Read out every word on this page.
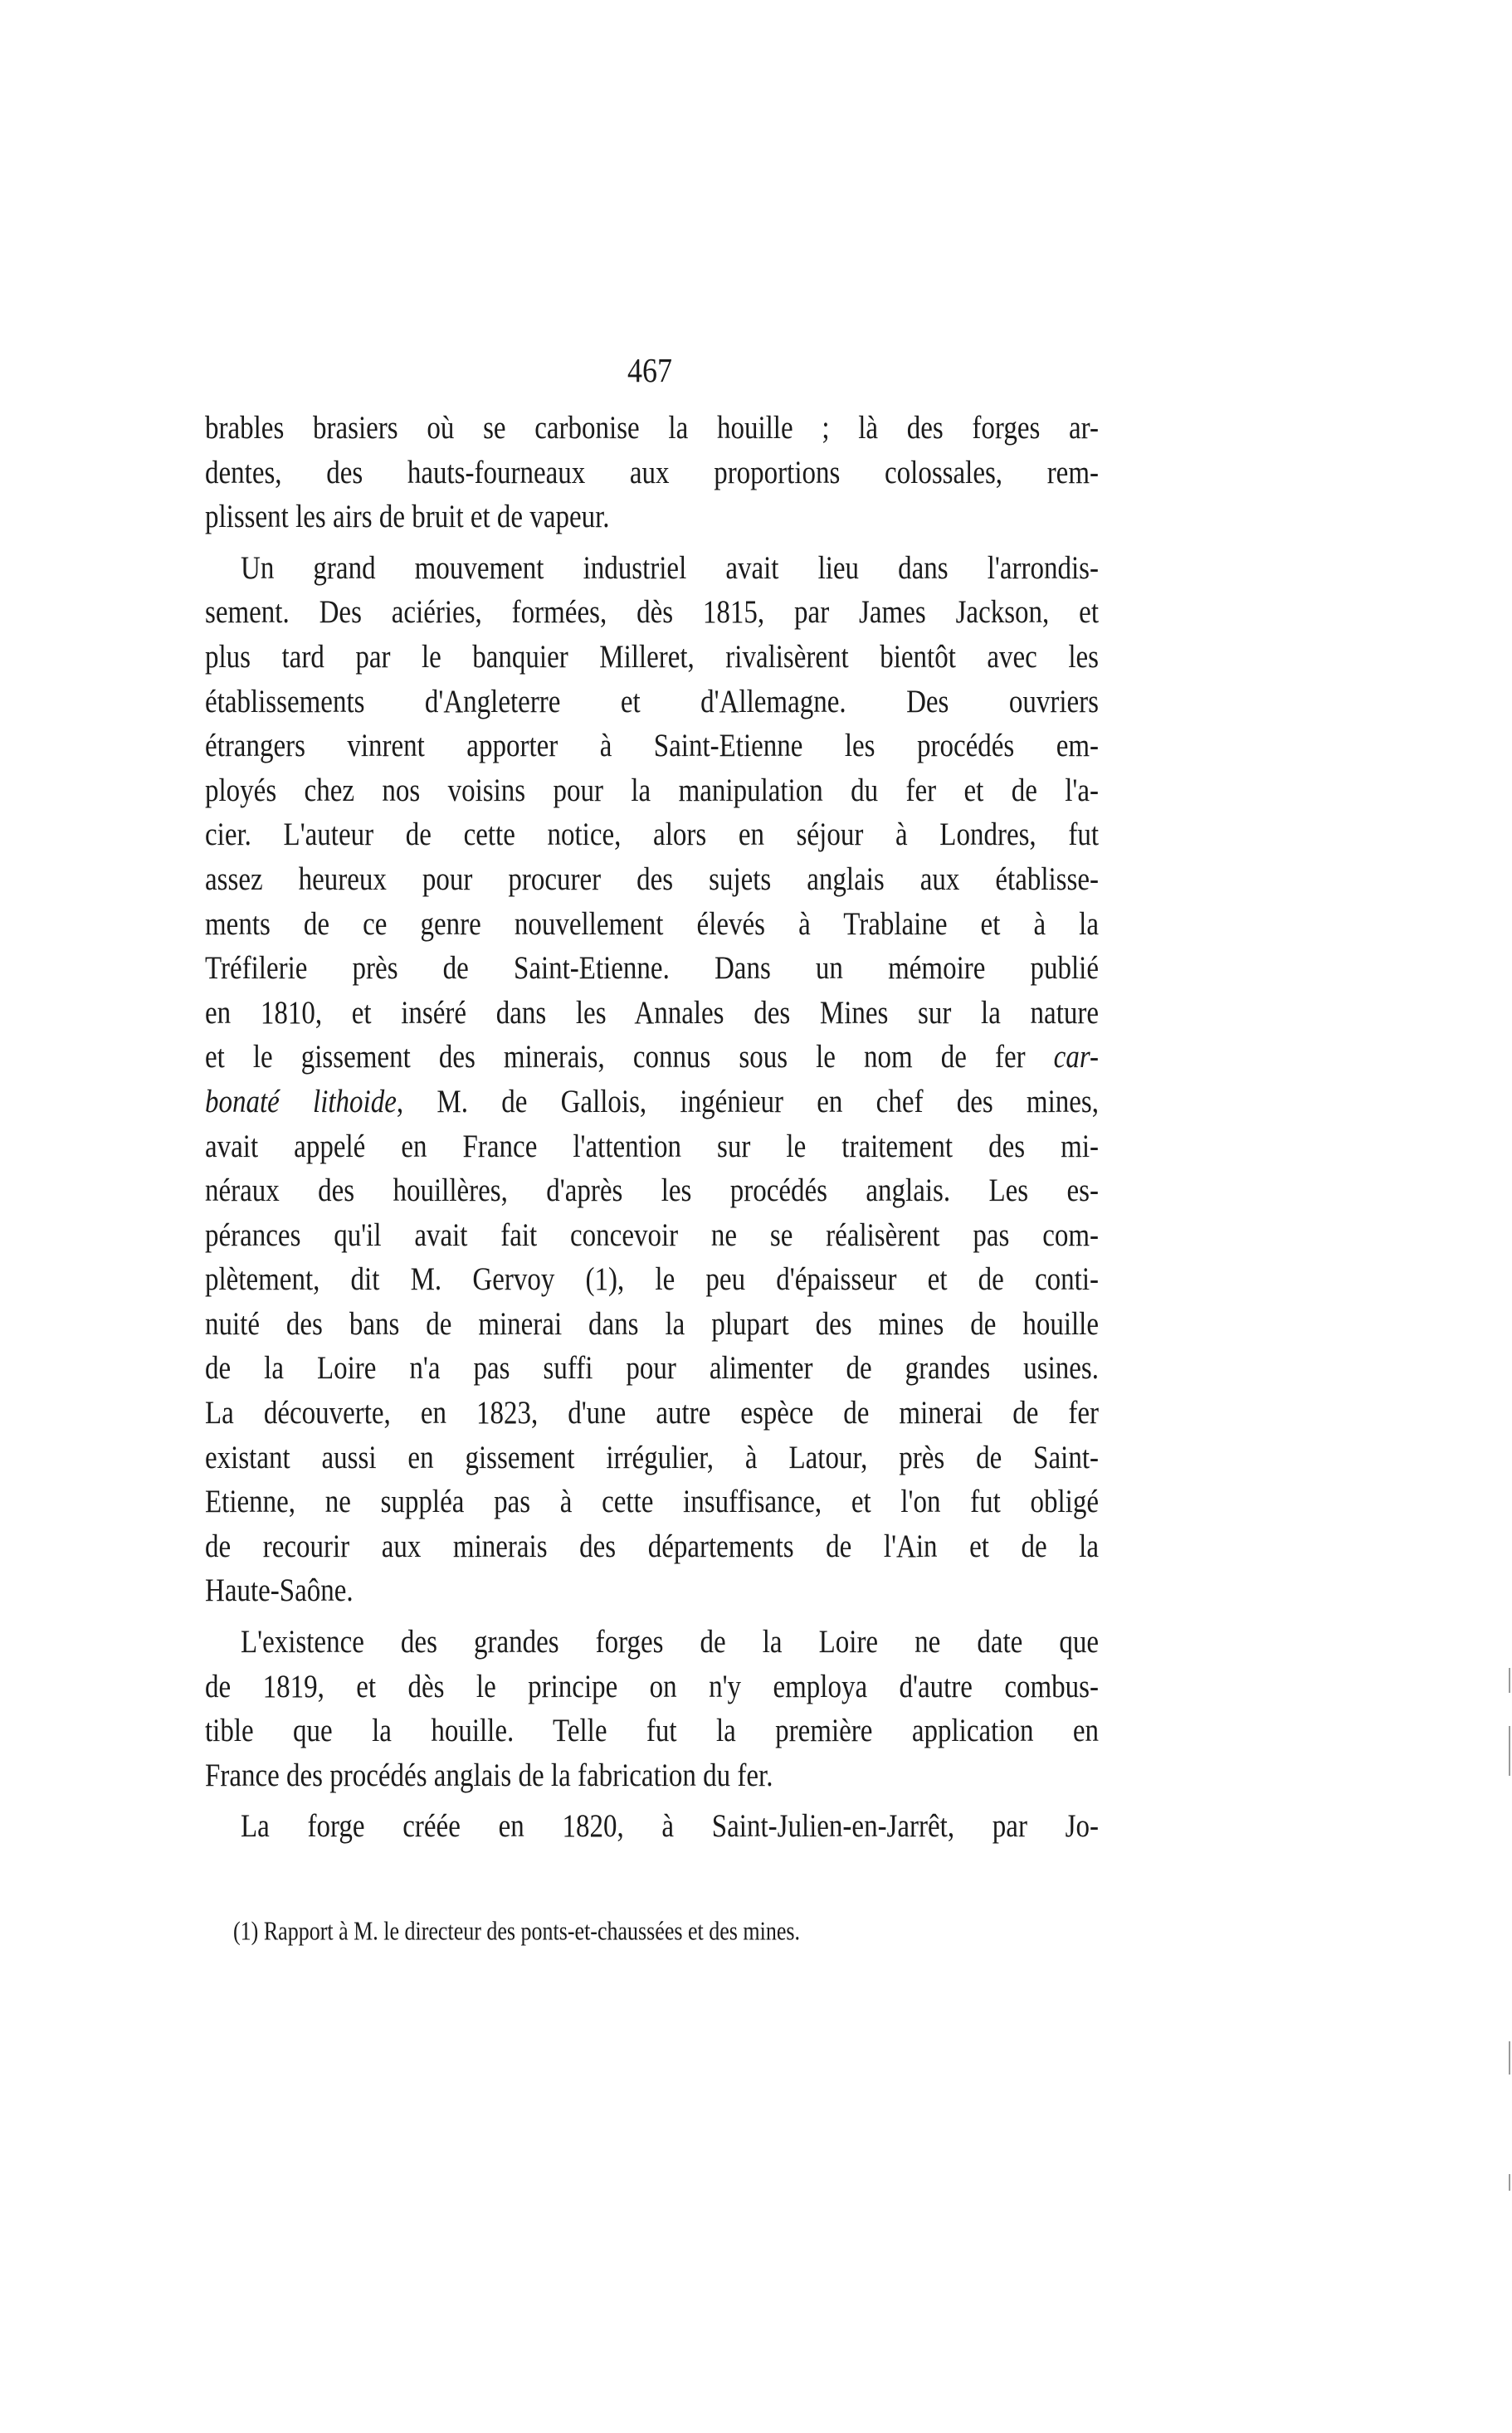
467
brables brasiers où se carbonise la houille ; là des forges ar-
dentes, des hauts-fourneaux aux proportions colossales, rem-
plissent les airs de bruit et de vapeur.
Un grand mouvement industriel avait lieu dans l'arrondis-
sement. Des aciéries, formées, dès 1815, par James Jackson, et
plus tard par le banquier Milleret, rivalisèrent bientôt avec les
établissements d'Angleterre et d'Allemagne. Des ouvriers
étrangers vinrent apporter à Saint-Etienne les procédés em-
ployés chez nos voisins pour la manipulation du fer et de l'a-
cier. L'auteur de cette notice, alors en séjour à Londres, fut
assez heureux pour procurer des sujets anglais aux établisse-
ments de ce genre nouvellement élevés à Trablaine et à la
Tréfilerie près de Saint-Etienne. Dans un mémoire publié
en 1810, et inséré dans les Annales des Mines sur la nature
et le gissement des minerais, connus sous le nom de fer car-
bonaté lithoide, M. de Gallois, ingénieur en chef des mines,
avait appelé en France l'attention sur le traitement des mi-
néraux des houillères, d'après les procédés anglais. Les es-
pérances qu'il avait fait concevoir ne se réalisèrent pas com-
plètement, dit M. Gervoy (1), le peu d'épaisseur et de conti-
nuité des bans de minerai dans la plupart des mines de houille
de la Loire n'a pas suffi pour alimenter de grandes usines.
La découverte, en 1823, d'une autre espèce de minerai de fer
existant aussi en gissement irrégulier, à Latour, près de Saint-
Etienne, ne suppléa pas à cette insuffisance, et l'on fut obligé
de recourir aux minerais des départements de l'Ain et de la
Haute-Saône.
L'existence des grandes forges de la Loire ne date que
de 1819, et dès le principe on n'y employa d'autre combus-
tible que la houille. Telle fut la première application en
France des procédés anglais de la fabrication du fer.
La forge créée en 1820, à Saint-Julien-en-Jarrêt, par Jo-
(1) Rapport à M. le directeur des ponts-et-chaussées et des mines.
